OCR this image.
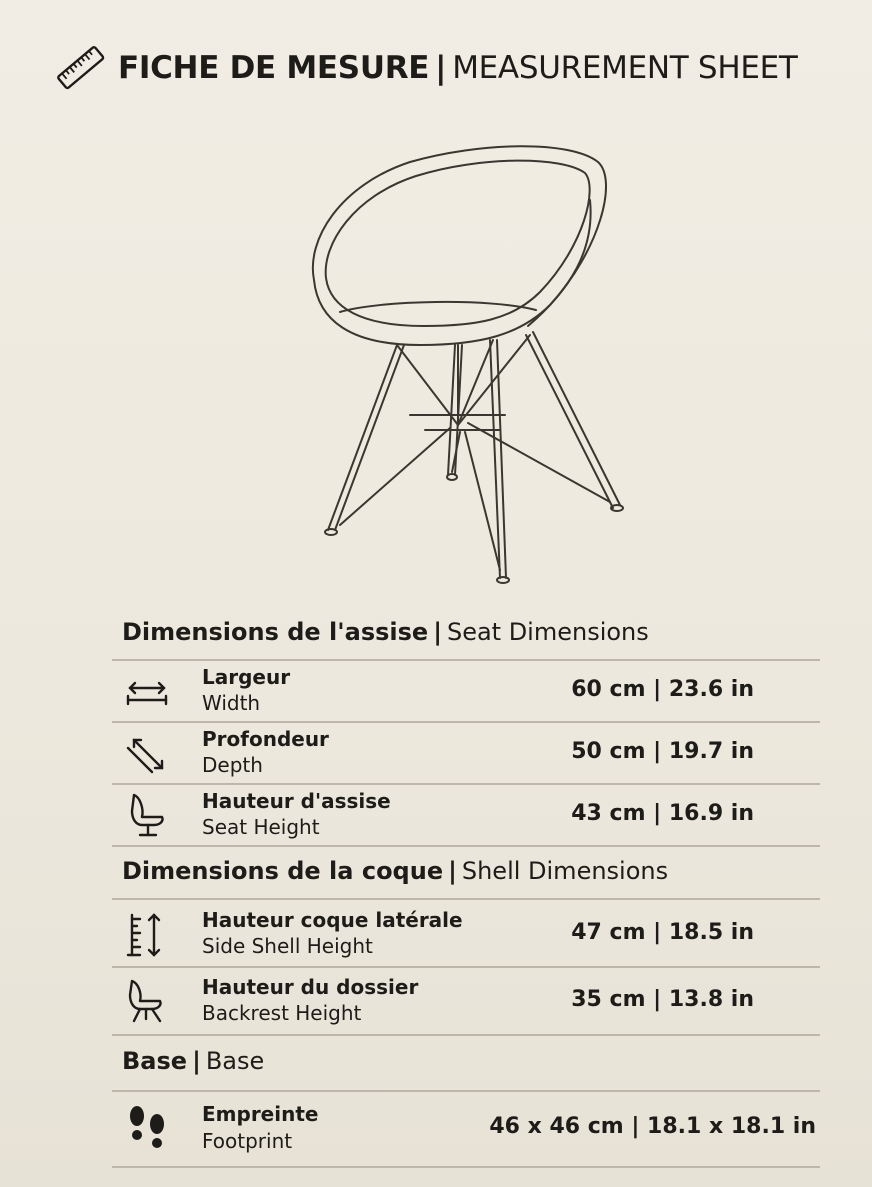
FICHE DE MESURE | MEASUREMENT SHEET
Dimensions de l'assise | Seat Dimensions
Largeur
Width
60 cm | 23.6 in
Profondeur
Depth
50 cm | 19.7 in
Hauteur d'assise
Seat Height
43 cm | 16.9 in
Dimensions de la coque | Shell Dimensions
Hauteur coque latérale
Side Shell Height
47 cm | 18.5 in
Hauteur du dossier
Backrest Height
35 cm | 13.8 in
Base | Base
Empreinte
Footprint
46 x 46 cm | 18.1 x 18.1 in
